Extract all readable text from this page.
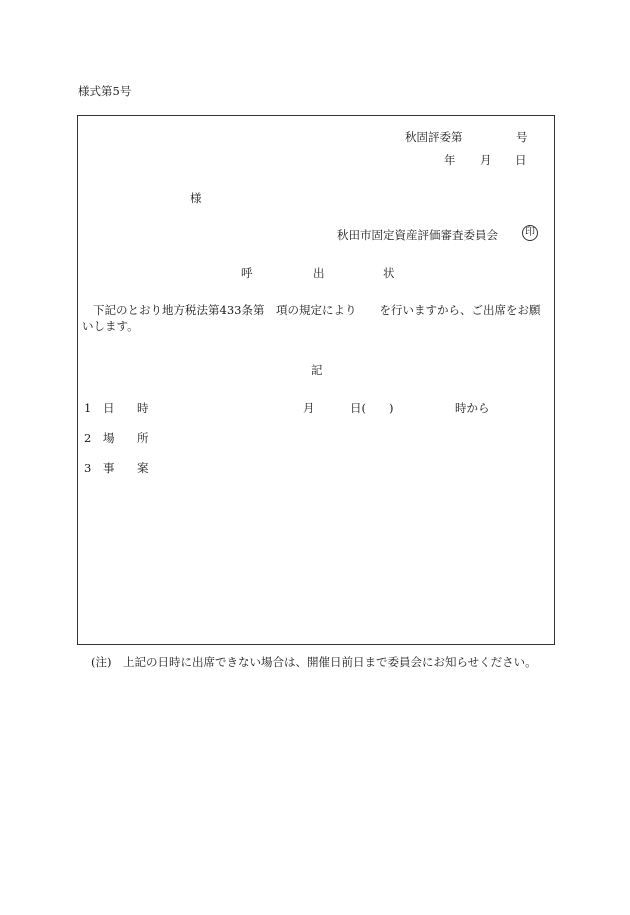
様式第5号
秋固評委第	号
年 月 日
様
秋田市固定資産評価審査委員会	印
呼	出	状
下記のとおり地方税法第433条第　項の規定により　　を行いますから、ご出席をお願
いします。
記
1 日 時	月	日( )	時から
2 場 所
3 事 案
(注) 上記の日時に出席できない場合は、開催日前日まで委員会にお知らせください。
